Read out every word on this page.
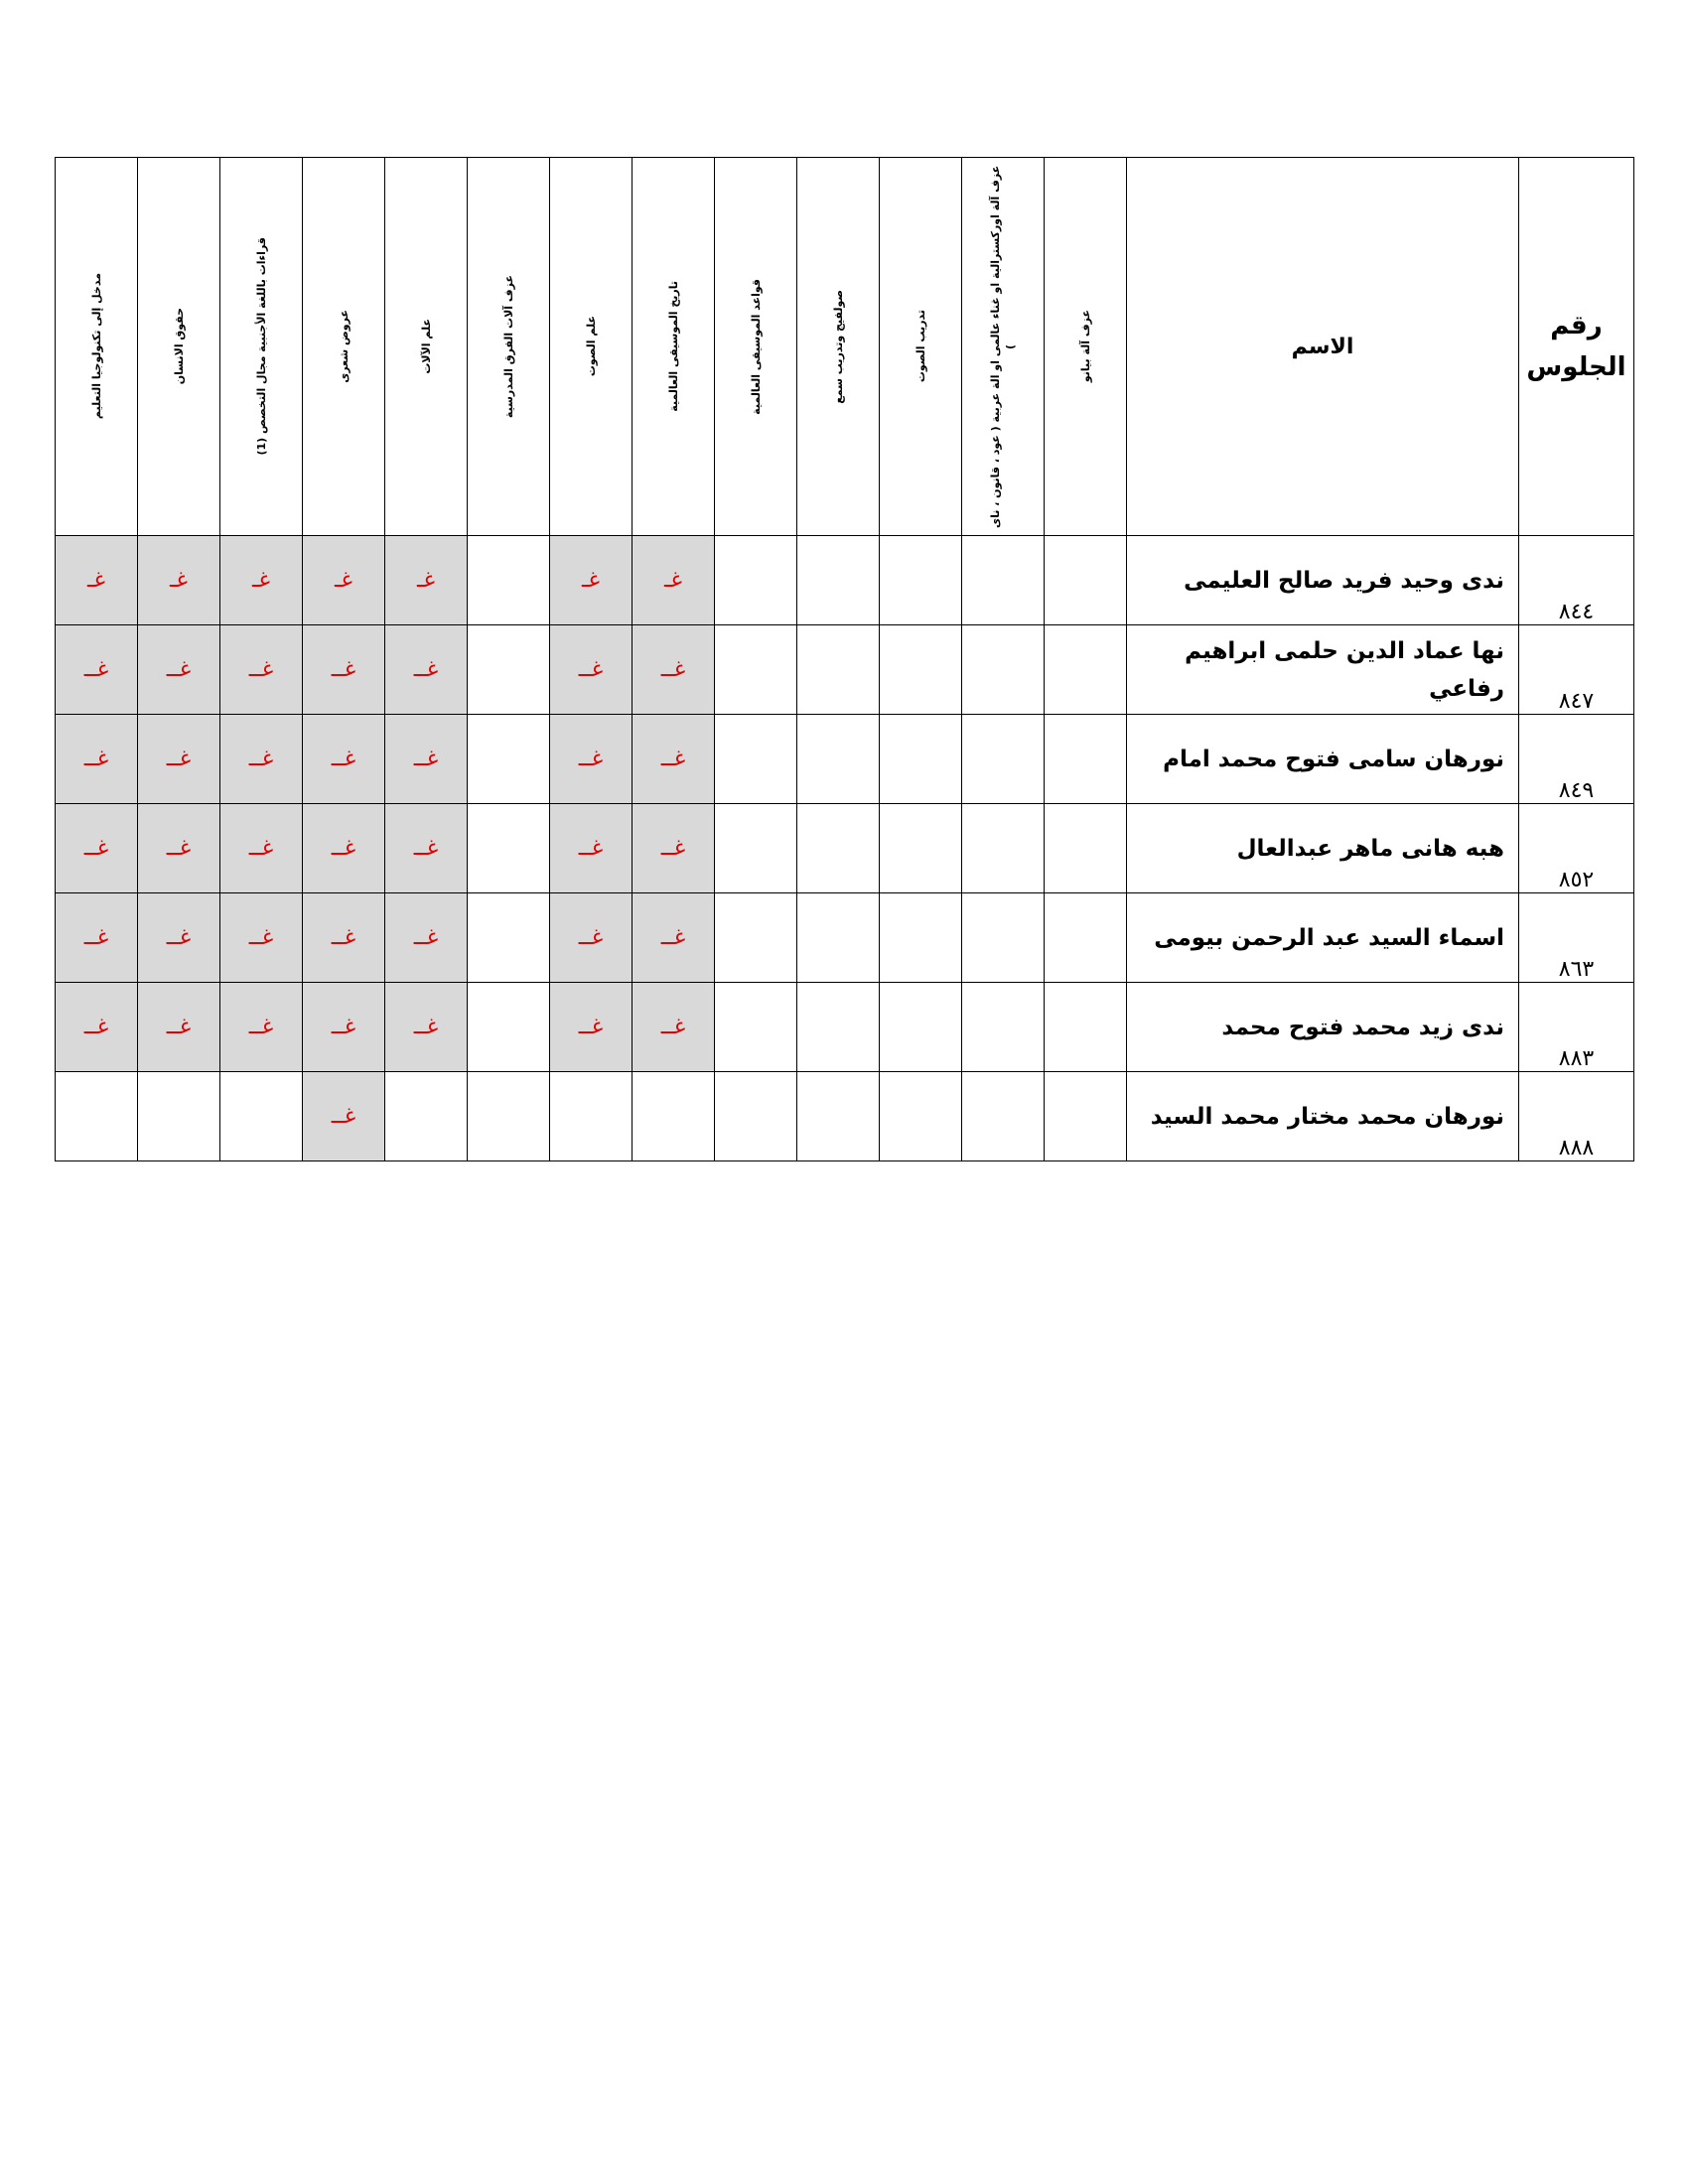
مدخل إلى تكنولوجيا التعليم	حقوق الانسان	قراءات باللغة الأجنبية مجال التخصص (1)	عروض شعرى	علم الآلات	عزف آلات الفرق المدرسية	علم الصوت	تاريخ الموسيقى العالمية	قواعد الموسيقى العالمية	صولفيج وتدريب سمع	تدريب الصوت	عزف آلة اوركسترالية او غناء عالمى او الة عربية ( عود ، قانون ، ناى )	عزف آلة بيانو	الاسم	رقم الجلوس
غـ	غـ	غـ	غـ	غـ		غـ	غـ						ندى وحيد فريد صالح العليمى	٨٤٤
غــ	غــ	غــ	غــ	غــ		غــ	غــ						نها عماد الدين حلمى ابراهيم رفاعي	٨٤٧
غــ	غــ	غــ	غــ	غــ		غــ	غــ						نورهان سامى فتوح محمد امام	٨٤٩
غــ	غــ	غــ	غــ	غــ		غــ	غــ						هبه هانى ماهر عبدالعال	٨٥٢
غــ	غــ	غــ	غــ	غــ		غــ	غــ						اسماء السيد عبد الرحمن بيومى	٨٦٣
غــ	غــ	غــ	غــ	غــ		غــ	غــ						ندى زيد محمد فتوح محمد	٨٨٣
			غــ										نورهان محمد مختار محمد السيد	٨٨٨
